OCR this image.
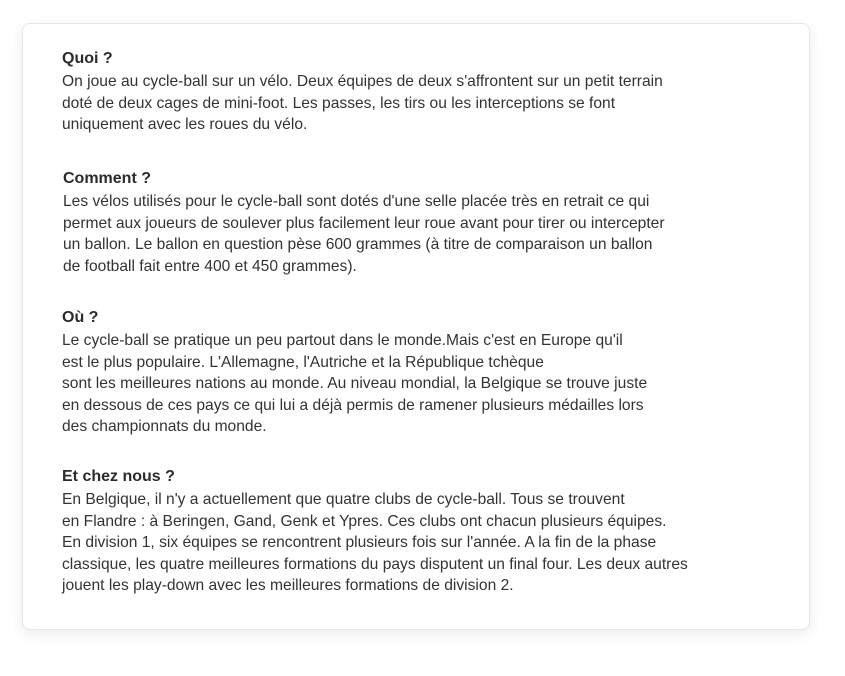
Quoi ?
On joue au cycle-ball sur un vélo. Deux équipes de deux s'affrontent sur un petit terrain
doté de deux cages de mini-foot. Les passes, les tirs ou les interceptions se font
uniquement avec les roues du vélo.
Comment ?
Les vélos utilisés pour le cycle-ball sont dotés d'une selle placée très en retrait ce qui
permet aux joueurs de soulever plus facilement leur roue avant pour tirer ou intercepter
un ballon. Le ballon en question pèse 600 grammes (à titre de comparaison un ballon
de football fait entre 400 et 450 grammes).
Où ?
Le cycle-ball se pratique un peu partout dans le monde.Mais c'est en Europe qu'il
est le plus populaire. L'Allemagne, l'Autriche et la République tchèque
sont les meilleures nations au monde. Au niveau mondial, la Belgique se trouve juste
en dessous de ces pays ce qui lui a déjà permis de ramener plusieurs médailles lors
des championnats du monde.
Et chez nous ?
En Belgique, il n'y a actuellement que quatre clubs de cycle-ball. Tous se trouvent
en Flandre : à Beringen, Gand, Genk et Ypres. Ces clubs ont chacun plusieurs équipes.
En division 1, six équipes se rencontrent plusieurs fois sur l'année. A la fin de la phase
classique, les quatre meilleures formations du pays disputent un final four. Les deux autres
jouent les play-down avec les meilleures formations de division 2.
